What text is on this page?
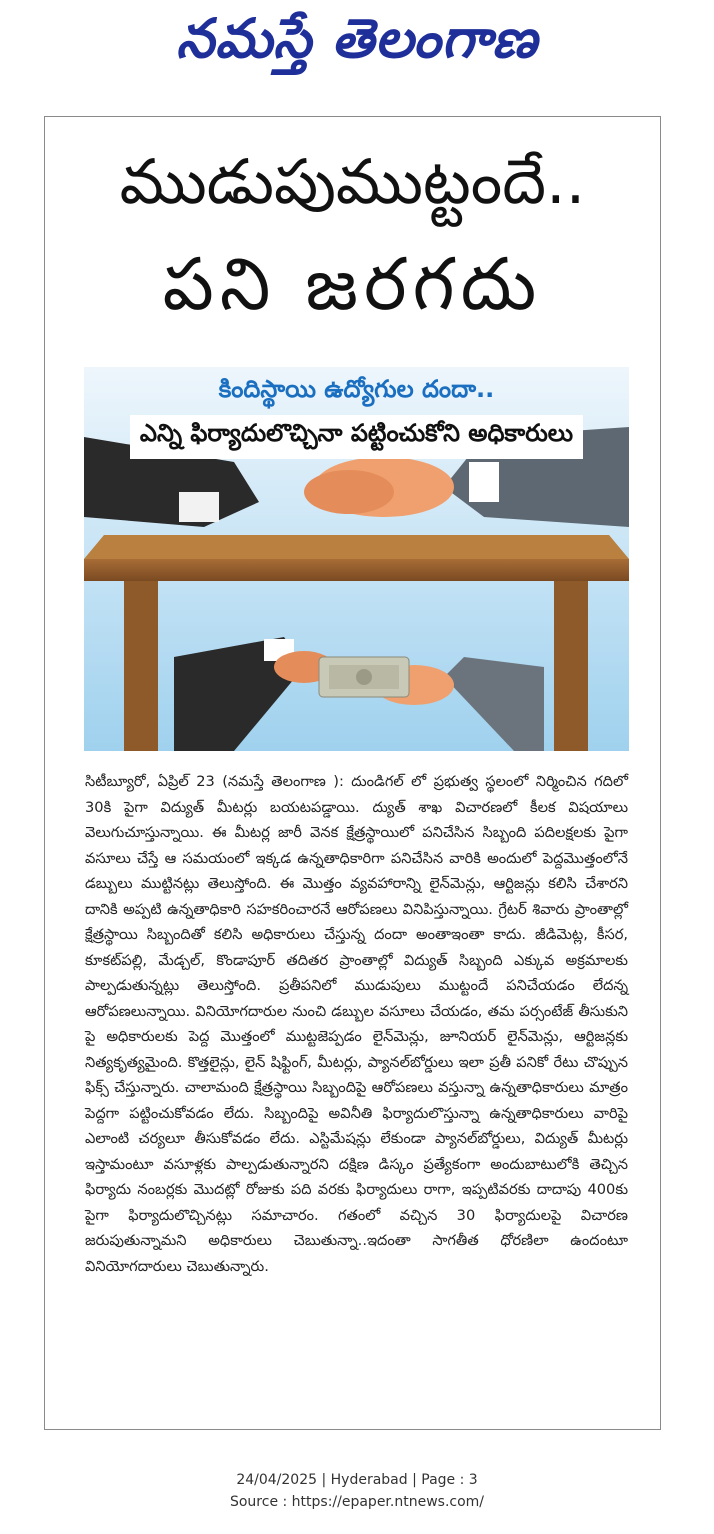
నమస్తే తెలంగాణ
ముడుపుముట్టందే..
పని జరగదు
కిందిస్థాయి ఉద్యోగుల దందా..
ఎన్ని ఫిర్యాదులొచ్చినా పట్టించుకోని అధికారులు
సిటీబ్యూరో, ఏప్రిల్ 23 (నమస్తే తెలంగాణ ): దుండిగల్ లో ప్రభుత్వ స్థలంలో నిర్మించిన గదిలో 30కి పైగా విద్యుత్ మీటర్లు బయటపడ్డాయి. ద్యుత్ శాఖ విచారణలో కీలక విషయాలు వెలుగుచూస్తున్నాయి. ఈ మీటర్ల జారీ వెనక క్షేత్రస్థాయిలో పనిచేసిన సిబ్బంది పదిలక్షలకు పైగా వసూలు చేస్తే ఆ సమయంలో ఇక్కడ ఉన్నతాధికారిగా పనిచేసిన వారికి అందులో పెద్దమొత్తంలోనే డబ్బులు ముట్టినట్లు తెలుస్తోంది. ఈ మొత్తం వ్యవహారాన్ని లైన్‌మెన్లు, ఆర్టిజన్లు కలిసి చేశారని దానికి అప్పటి ఉన్నతాధికారి సహకరించారనే ఆరోపణలు వినిపిస్తున్నాయి. గ్రేటర్ శివారు ప్రాంతాల్లో క్షేత్రస్థాయి సిబ్బందితో కలిసి అధికారులు చేస్తున్న దందా అంతాఇంతా కాదు. జీడిమెట్ల, కీసర, కూకట్‌పల్లి, మేడ్చల్, కొండాపూర్ తదితర ప్రాంతాల్లో విద్యుత్ సిబ్బంది ఎక్కువ అక్రమాలకు పాల్పడుతున్నట్లు తెలుస్తోంది. ప్రతీపనిలో ముడుపులు ముట్టందే పనిచేయడం లేదన్న ఆరోపణలున్నాయి. వినియోగదారుల నుంచి డబ్బుల వసూలు చేయడం, తమ పర్సంటేజ్ తీసుకుని పై అధికారులకు పెద్ద మొత్తంలో ముట్టజెప్పడం లైన్‌మెన్లు, జూనియర్ లైన్‌మెన్లు, ఆర్టిజన్లకు నిత్యకృత్యమైంది. కొత్తలైన్లు, లైన్ షిఫ్టింగ్, మీటర్లు, ప్యానల్‌బోర్డులు ఇలా ప్రతీ పనికో రేటు చొప్పున ఫిక్స్ చేస్తున్నారు. చాలామంది క్షేత్రస్థాయి సిబ్బందిపై ఆరోపణలు వస్తున్నా ఉన్నతాధికారులు మాత్రం పెద్దగా పట్టించుకోవడం లేదు. సిబ్బందిపై అవినీతి ఫిర్యాదులొస్తున్నా ఉన్నతాధికారులు వారిపై ఎలాంటి చర్యలూ తీసుకోవడం లేదు. ఎస్టిమేషన్లు లేకుండా ప్యానల్‌బోర్డులు, విద్యుత్ మీటర్లు ఇస్తామంటూ వసూళ్లకు పాల్పడుతున్నారని దక్షిణ డిస్కం ప్రత్యేకంగా అందుబాటులోకి తెచ్చిన ఫిర్యాదు నంబర్లకు మొదట్లో రోజుకు పది వరకు ఫిర్యాదులు రాగా, ఇప్పటివరకు దాదాపు 400కు పైగా ఫిర్యాదులొచ్చినట్లు సమాచారం. గతంలో వచ్చిన 30 ఫిర్యాదులపై విచారణ జరుపుతున్నామని అధికారులు చెబుతున్నా..ఇదంతా సాగతీత ధోరణిలా ఉందంటూ వినియోగదారులు చెబుతున్నారు.
24/04/2025 | Hyderabad | Page : 3
Source : https://epaper.ntnews.com/
